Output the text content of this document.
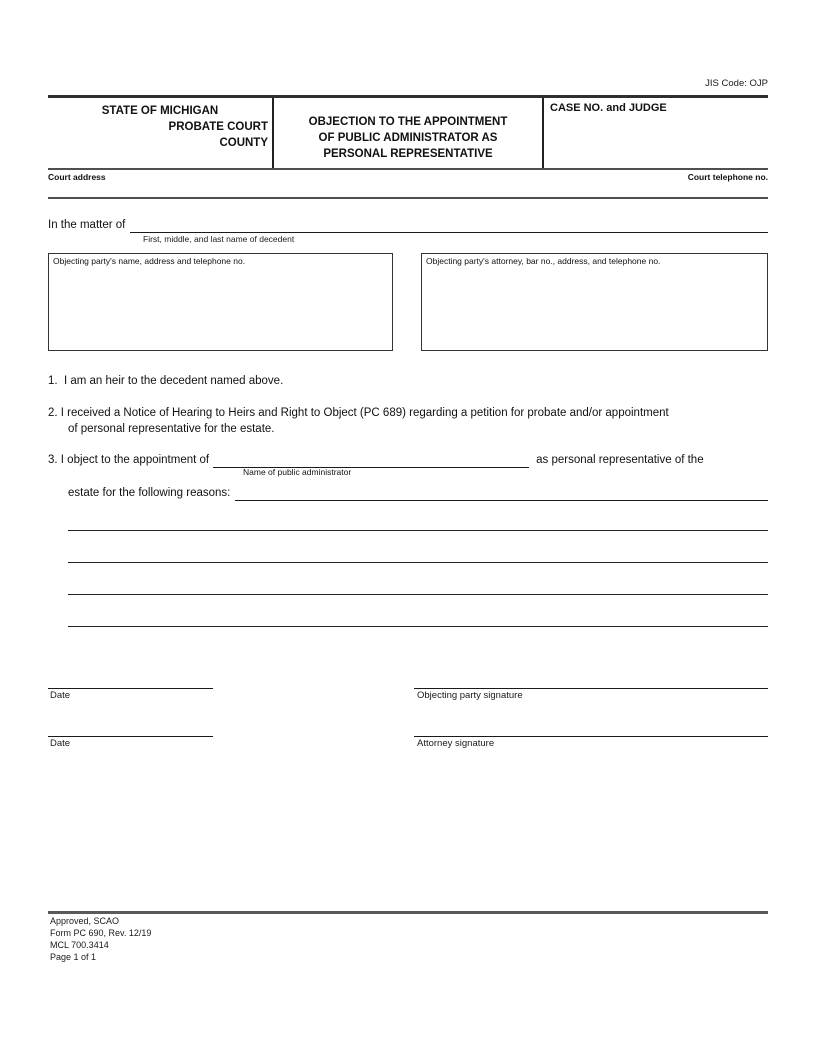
JIS Code: OJP
STATE OF MICHIGAN
PROBATE COURT
COUNTY
OBJECTION TO THE APPOINTMENT
OF PUBLIC ADMINISTRATOR AS
PERSONAL REPRESENTATIVE
CASE NO. and JUDGE
Court address	Court telephone no.
In the matter of
First, middle, and last name of decedent
Objecting party's name, address and telephone no.	Objecting party's attorney, bar no., address, and telephone no.
1.  I am an heir to the decedent named above.
2. I received a Notice of Hearing to Heirs and Right to Object (PC 689) regarding a petition for probate and/or appointment
of personal representative for the estate.
3. I object to the appointment of	as personal representative of the
Name of public administrator
estate for the following reasons:
Date	Objecting party signature
Date	Attorney signature
Approved, SCAO
Form PC 690, Rev. 12/19
MCL 700.3414
Page 1 of 1
